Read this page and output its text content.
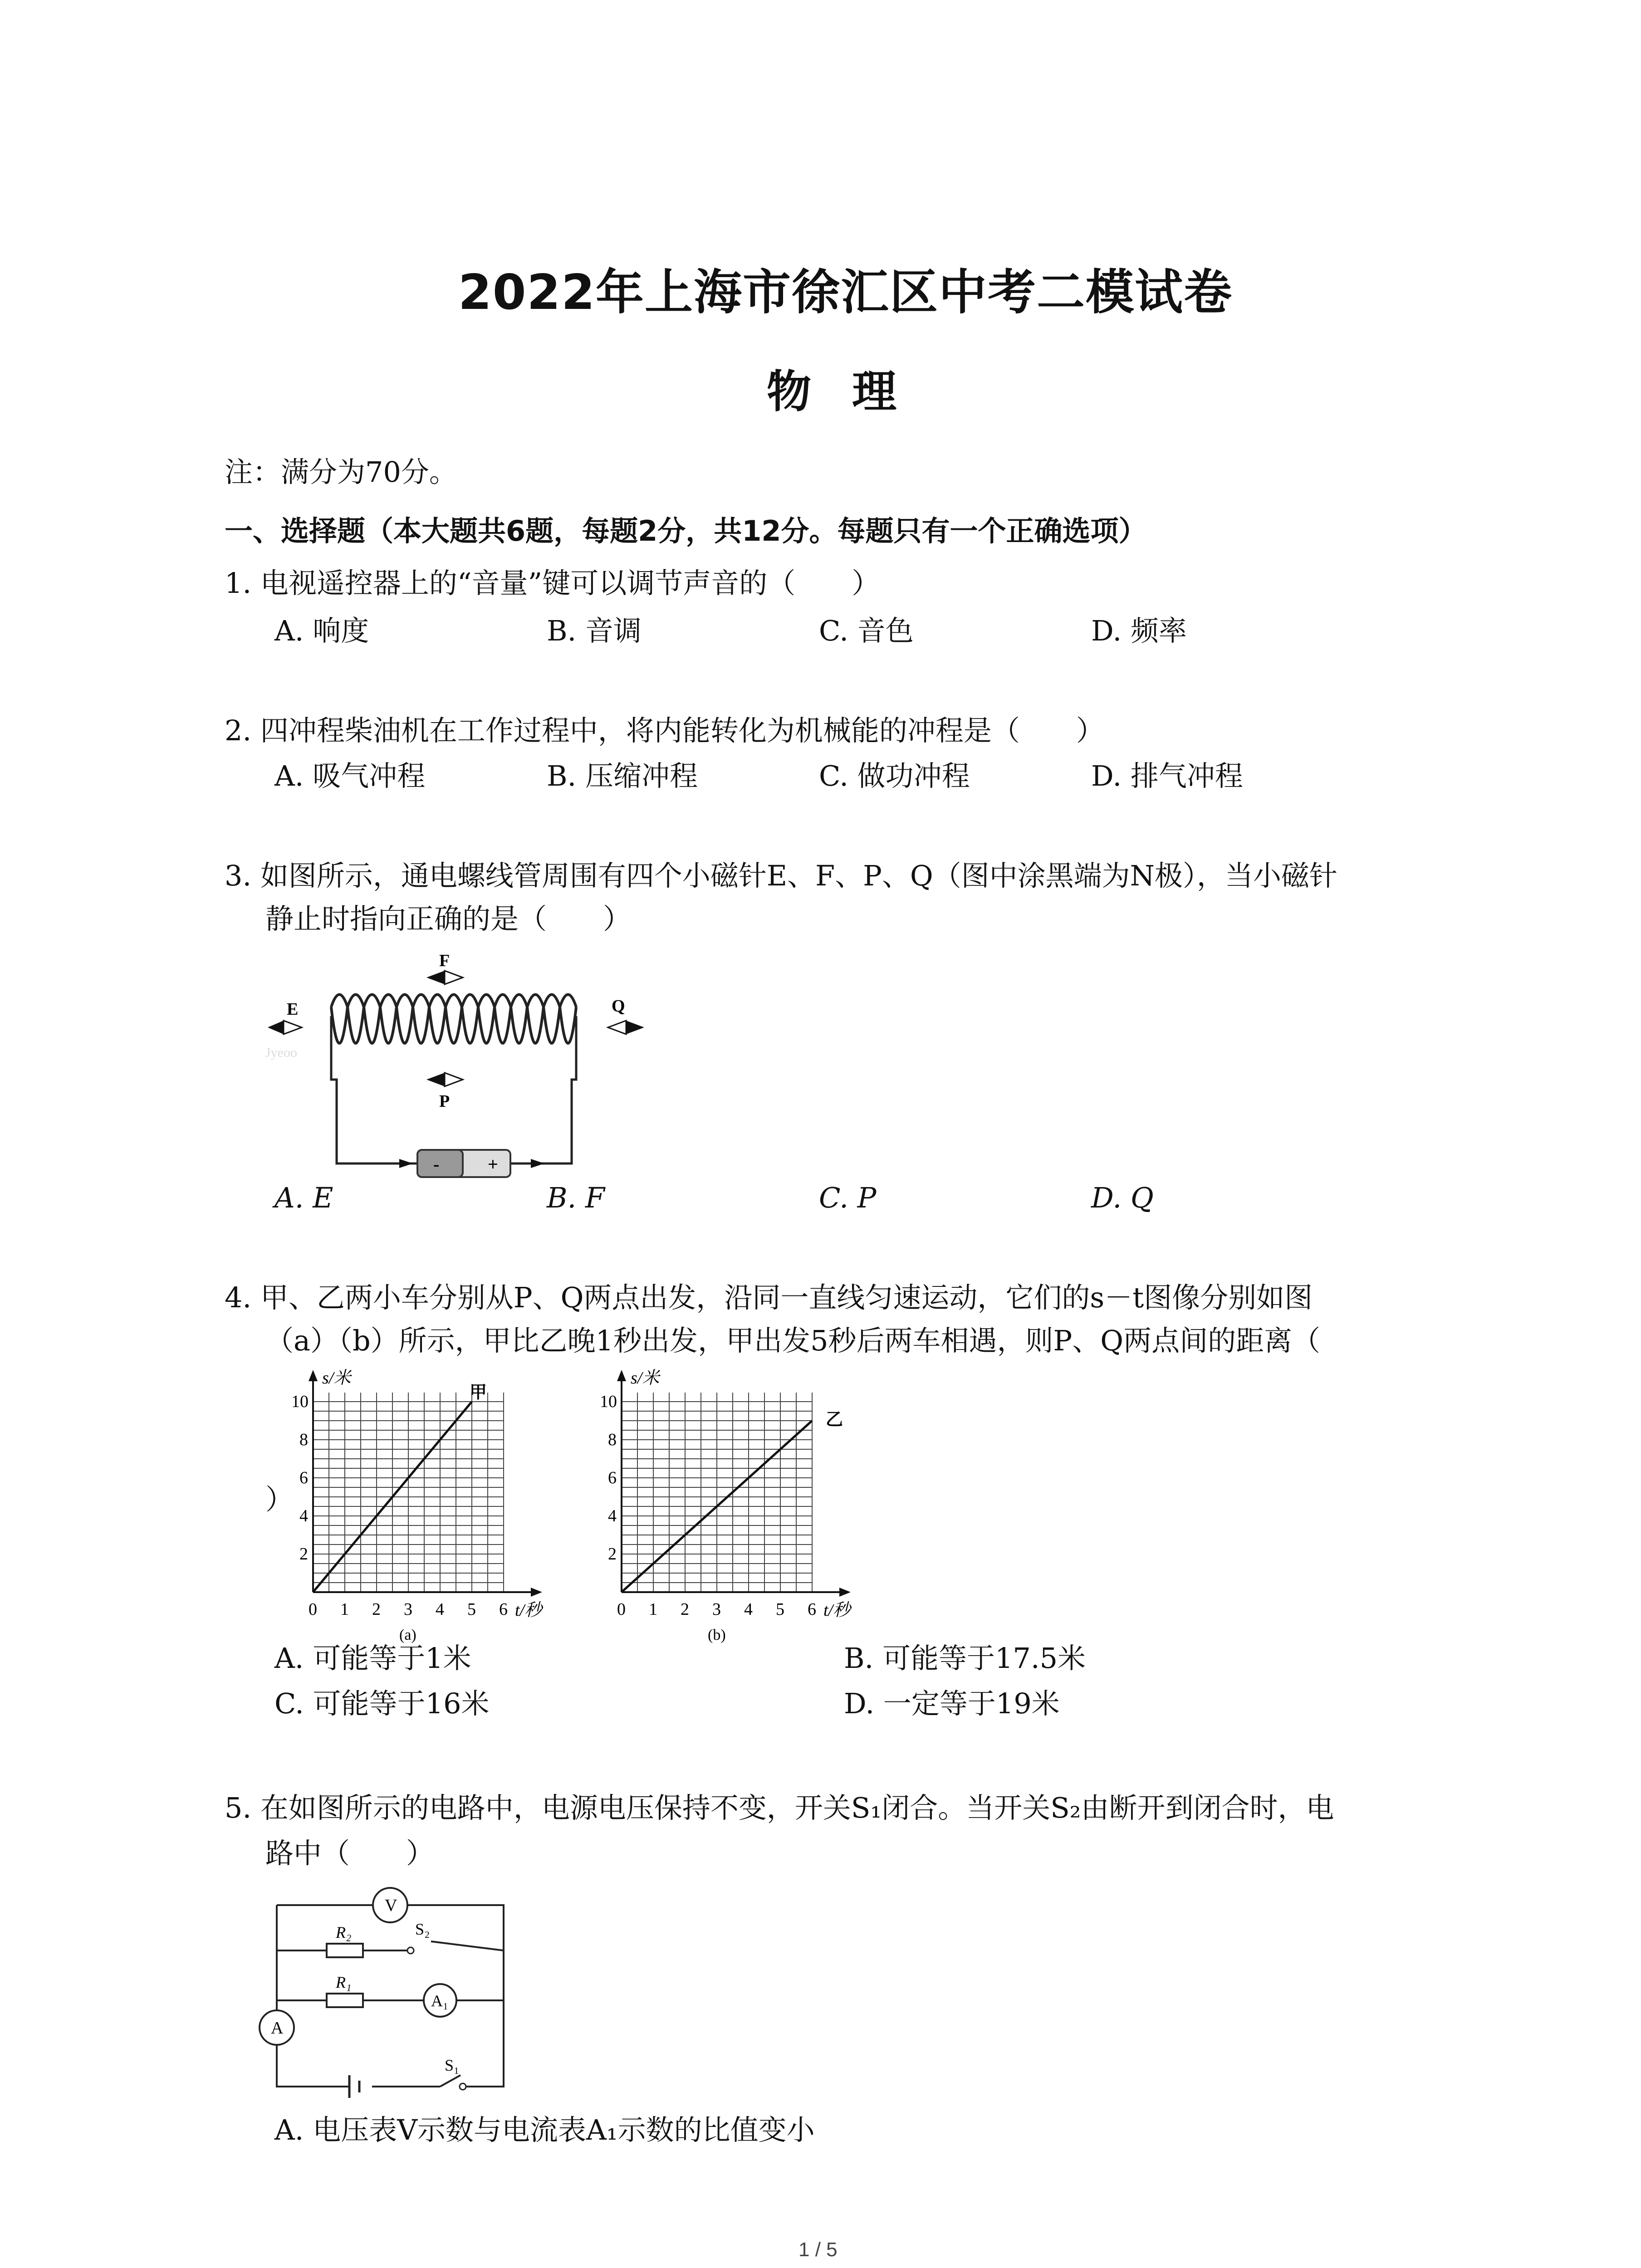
2022年上海市徐汇区中考二模试卷
物理
注：满分为70分。
一、选择题（本大题共6题，每题2分，共12分。每题只有一个正确选项）
1. 电视遥控器上的“音量”键可以调节声音的（　　）
A. 响度	B. 音调	C. 音色	D. 频率
2. 四冲程柴油机在工作过程中，将内能转化为机械能的冲程是（　　）
A. 吸气冲程	B. 压缩冲程	C. 做功冲程	D. 排气冲程
3. 如图所示，通电螺线管周围有四个小磁针E、F、P、Q（图中涂黑端为N极），当小磁针
静止时指向正确的是（　　）
E
F
Q
P
Jyeoo
-	+
A. E	B. F	C. P	D. Q
4. 甲、乙两小车分别从P、Q两点出发，沿同一直线匀速运动，它们的s－t图像分别如图
（a）（b）所示，甲比乙晚1秒出发，甲出发5秒后两车相遇，则P、Q两点间的距离（
）
0 1 2 3 4 5 6
2
4
6
8
10
s/米
t/秒
(a)
甲
0 1 2 3 4 5 6
2
4
6
8
10
s/米
t/秒
(b)
乙
A. 可能等于1米	B. 可能等于17.5米
C. 可能等于16米	D. 一定等于19米
5. 在如图所示的电路中，电源电压保持不变，开关S₁闭合。当开关S₂由断开到闭合时，电
路中（　　）
V
A₁
A
R₂	S₂
R₁
S₁
A. 电压表V示数与电流表A₁示数的比值变小
1 / 5
